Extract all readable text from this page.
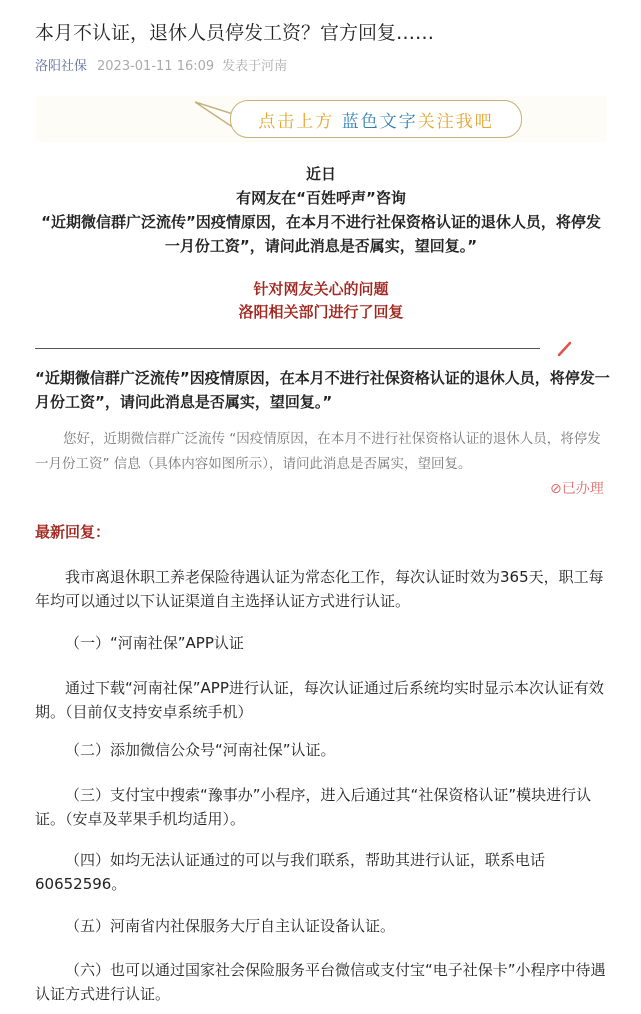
本月不认证，退休人员停发工资？官方回复……
洛阳社保 2023-01-11 16:09 发表于河南
点击上方
蓝色文字 关注我吧
近日
有网友在“百姓呼声”咨询
“近期微信群广泛流传”因疫情原因，在本月不进行社保资格认证的退休人员，将停发一月份工资”，请问此消息是否属实，望回复。”
针对网友关心的问题
洛阳相关部门进行了回复
“近期微信群广泛流传”因疫情原因，在本月不进行社保资格认证的退休人员，将停发一月份工资”，请问此消息是否属实，望回复。”
您好，近期微信群广泛流传 “因疫情原因，在本月不进行社保资格认证的退休人员，将停发一月份工资” 信息（具体内容如图所示），请问此消息是否属实，望回复。
⊘已办理
最新回复：
我市离退休职工养老保险待遇认证为常态化工作，每次认证时效为365天，职工每年均可以通过以下认证渠道自主选择认证方式进行认证。
（一）“河南社保”APP认证
通过下载“河南社保”APP进行认证，每次认证通过后系统均实时显示本次认证有效期。（目前仅支持安卓系统手机）
（二）添加微信公众号“河南社保”认证。
（三）支付宝中搜索“豫事办”小程序，进入后通过其“社保资格认证”模块进行认证。（安卓及苹果手机均适用）。
（四）如均无法认证通过的可以与我们联系，帮助其进行认证，联系电话60652596。
（五）河南省内社保服务大厅自主认证设备认证。
（六）也可以通过国家社会保险服务平台微信或支付宝“电子社保卡”小程序中待遇认证方式进行认证。
